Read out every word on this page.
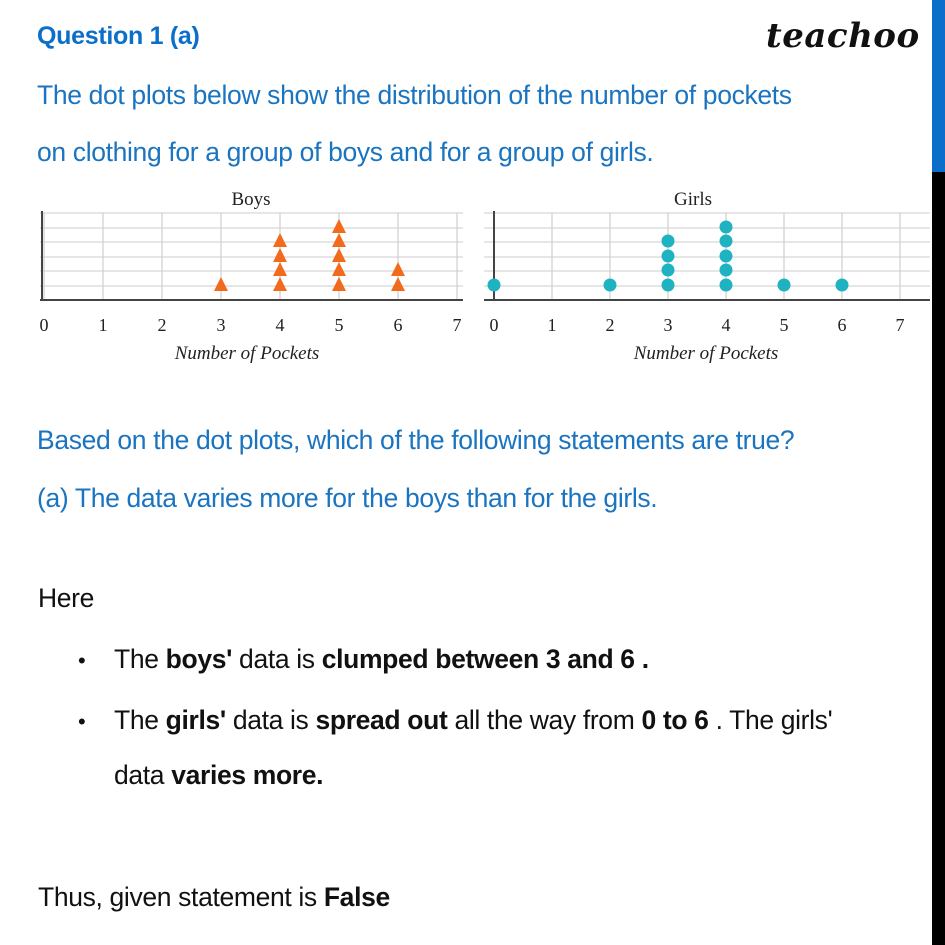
Question 1 (a)	teachoo
The dot plots below show the distribution of the number of pockets
on clothing for a group of boys and for a group of girls.
Boys	Girls
0	1	2	3	4	5	6	7 0	1	2	3	4	5	6	7
Number of Pockets	Number of Pockets
Based on the dot plots, which of the following statements are true?
(a) The data varies more for the boys than for the girls.
Here
• The boys' data is clumped between 3 and 6 .
• The girls' data is spread out all the way from 0 to 6 . The girls'
data varies more.
Thus, given statement is False
